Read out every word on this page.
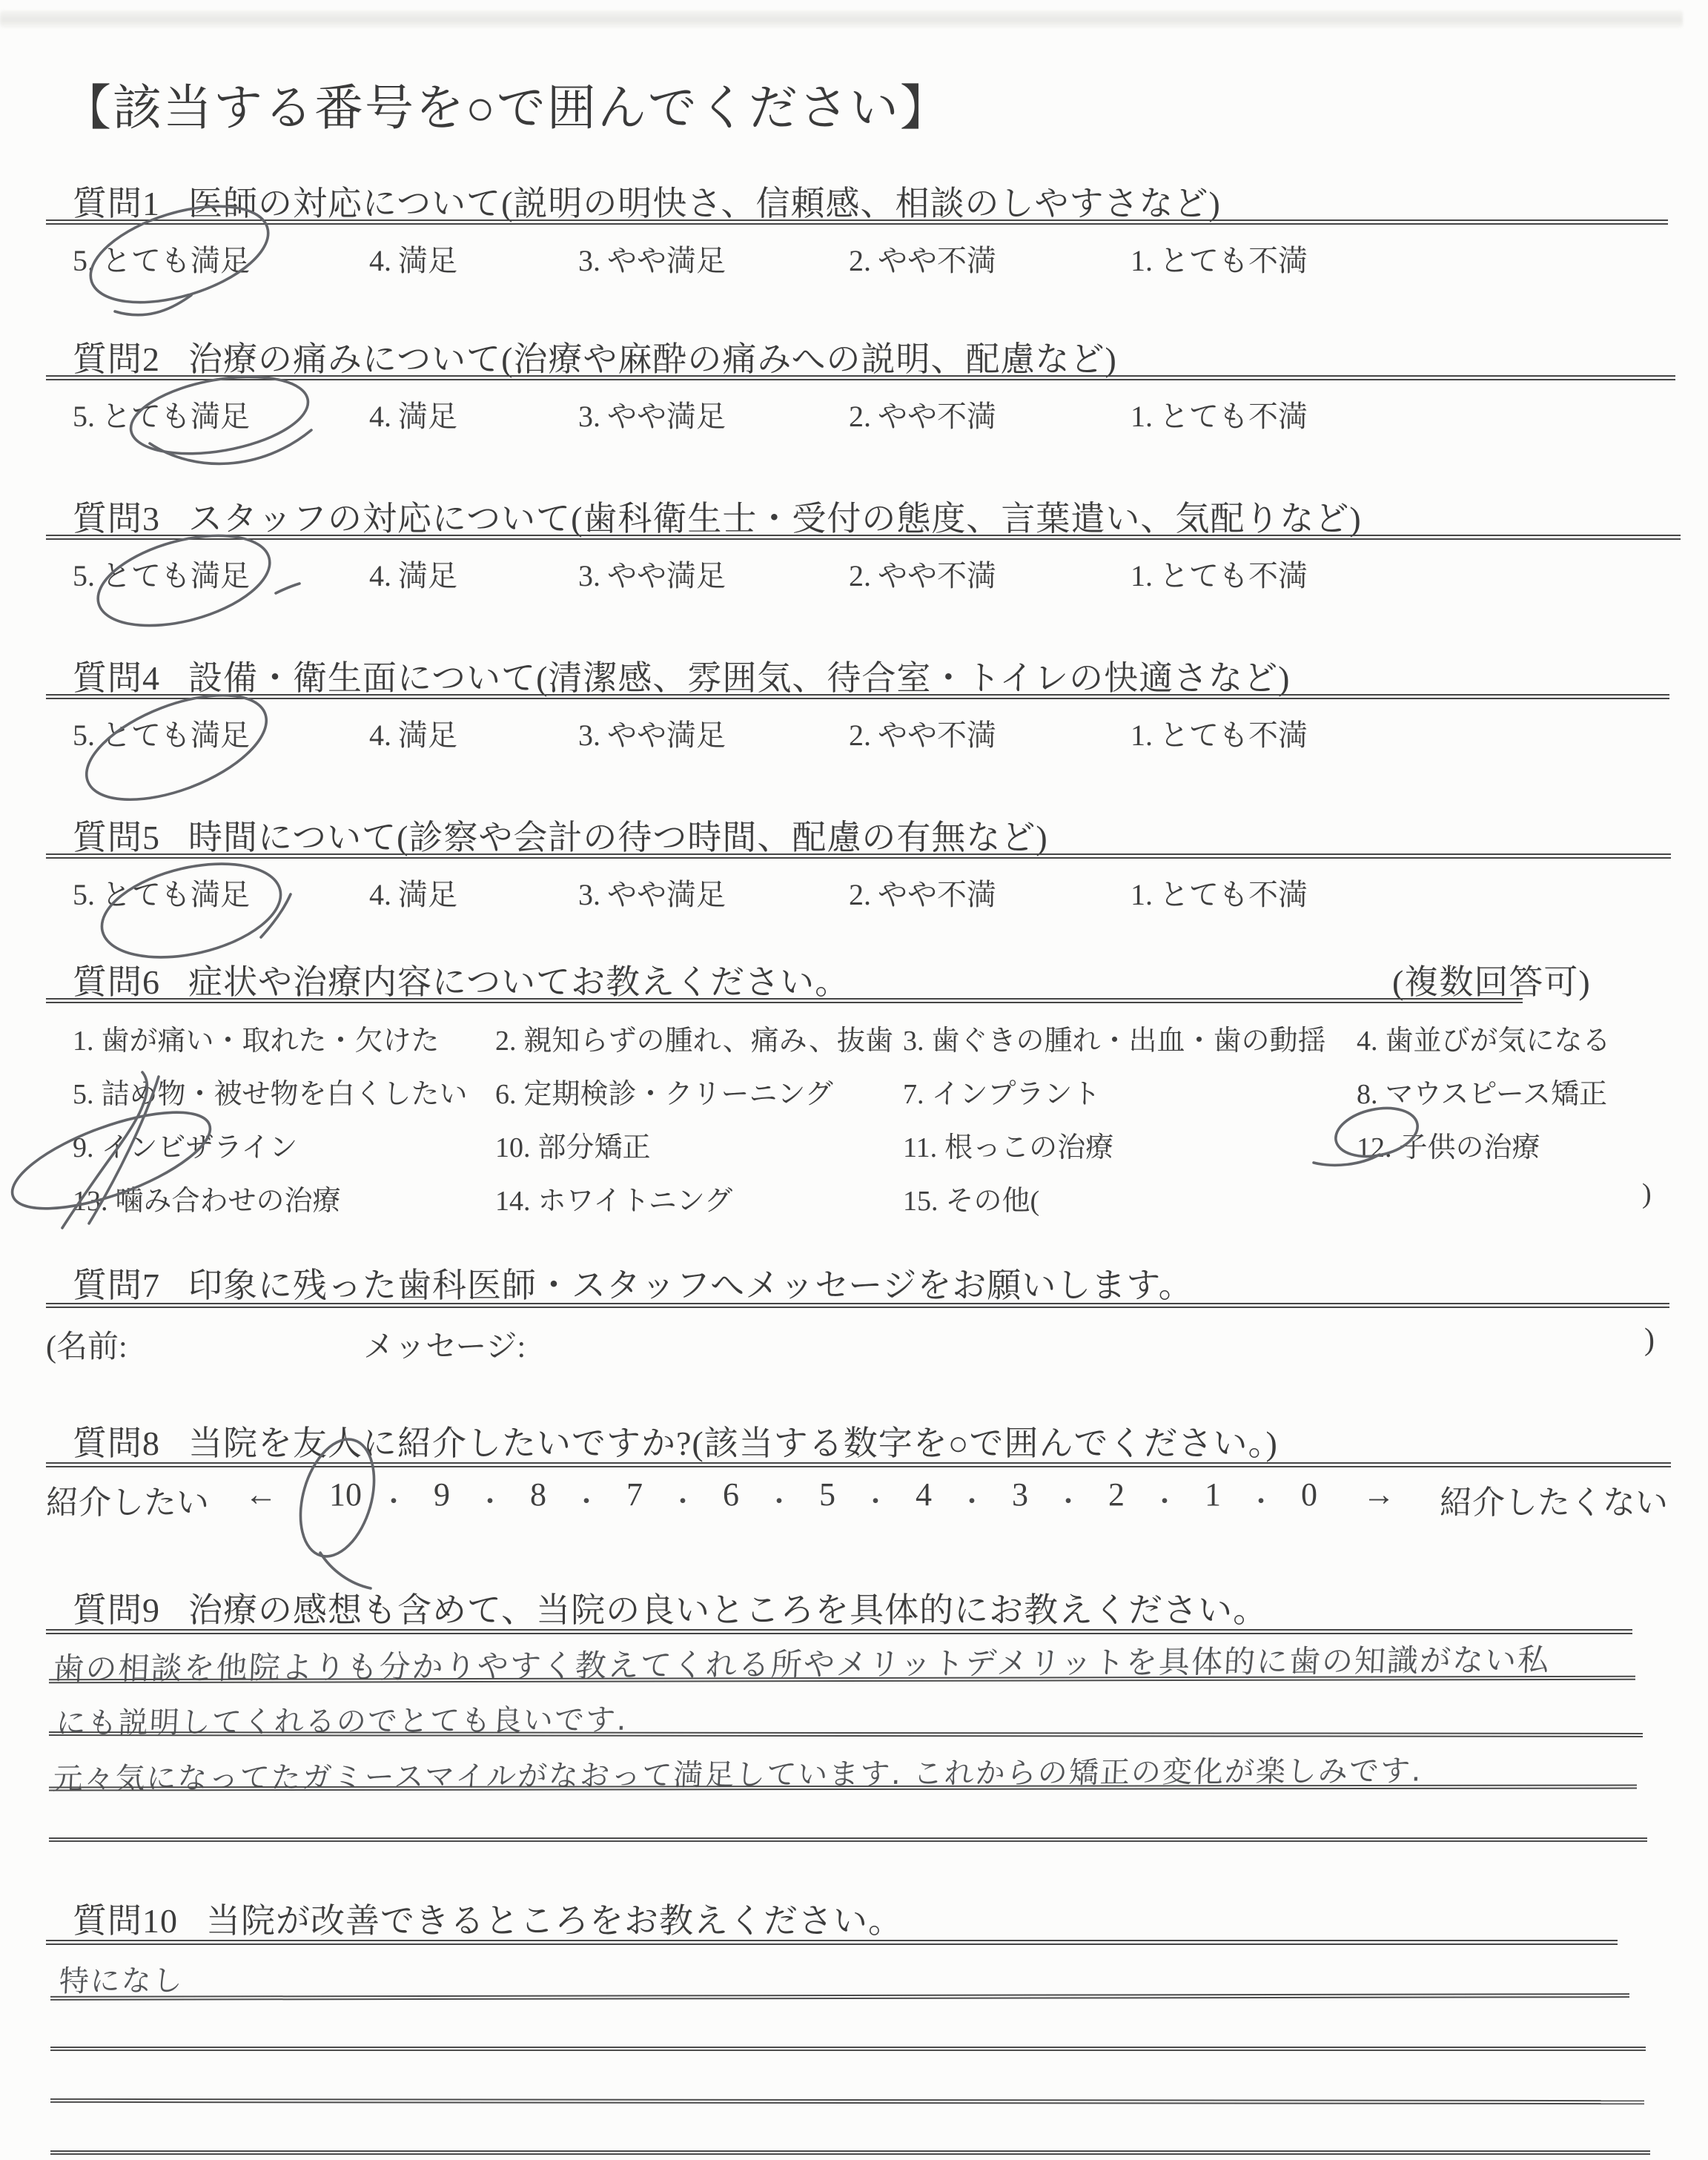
【該当する番号を○で囲んでください】
質問1 医師の対応について(説明の明快さ、信頼感、相談のしやすさなど)
5. とても満足	4. 満足	3. やや満足	2. やや不満	1. とても不満
質問2 治療の痛みについて(治療や麻酔の痛みへの説明、配慮など)
5. とても満足	4. 満足	3. やや満足	2. やや不満	1. とても不満
質問3 スタッフの対応について(歯科衛生士・受付の態度、言葉遣い、気配りなど)
5. とても満足	4. 満足	3. やや満足	2. やや不満	1. とても不満
質問4 設備・衛生面について(清潔感、雰囲気、待合室・トイレの快適さなど)
5. とても満足	4. 満足	3. やや満足	2. やや不満	1. とても不満
質問5 時間について(診察や会計の待つ時間、配慮の有無など)
5. とても満足	4. 満足	3. やや満足	2. やや不満	1. とても不満
質問6 症状や治療内容についてお教えください。	(複数回答可)
1. 歯が痛い・取れた・欠けた 2. 親知らずの腫れ、痛み、抜歯 3. 歯ぐきの腫れ・出血・歯の動揺 4. 歯並びが気になる
5. 詰め物・被せ物を白くしたい 6. 定期検診・クリーニング 7. インプラント	8. マウスピース矯正
9. インビザライン	10. 部分矯正	11. 根っこの治療	12. 子供の治療
13. 噛み合わせの治療	14. ホワイトニング	15. その他(	)
質問7 印象に残った歯科医師・スタッフへメッセージをお願いします。
(名前:	メッセージ:	)
質問8 当院を友人に紹介したいですか?(該当する数字を○で囲んでください。)
紹介したい ← 10 ・ 9 ・ 8 ・ 7 ・ 6 ・ 5 ・ 4 ・ 3 ・ 2 ・ 1 ・ 0 → 紹介したくない
質問9 治療の感想も含めて、当院の良いところを具体的にお教えください。
歯の相談を他院よりも分かりやすく教えてくれる所やメリットデメリットを具体的に歯の知識がない私
にも説明してくれるのでとても良いです.
元々気になってたガミースマイルがなおって満足しています. これからの矯正の変化が楽しみです.
質問10 当院が改善できるところをお教えください。
特になし
